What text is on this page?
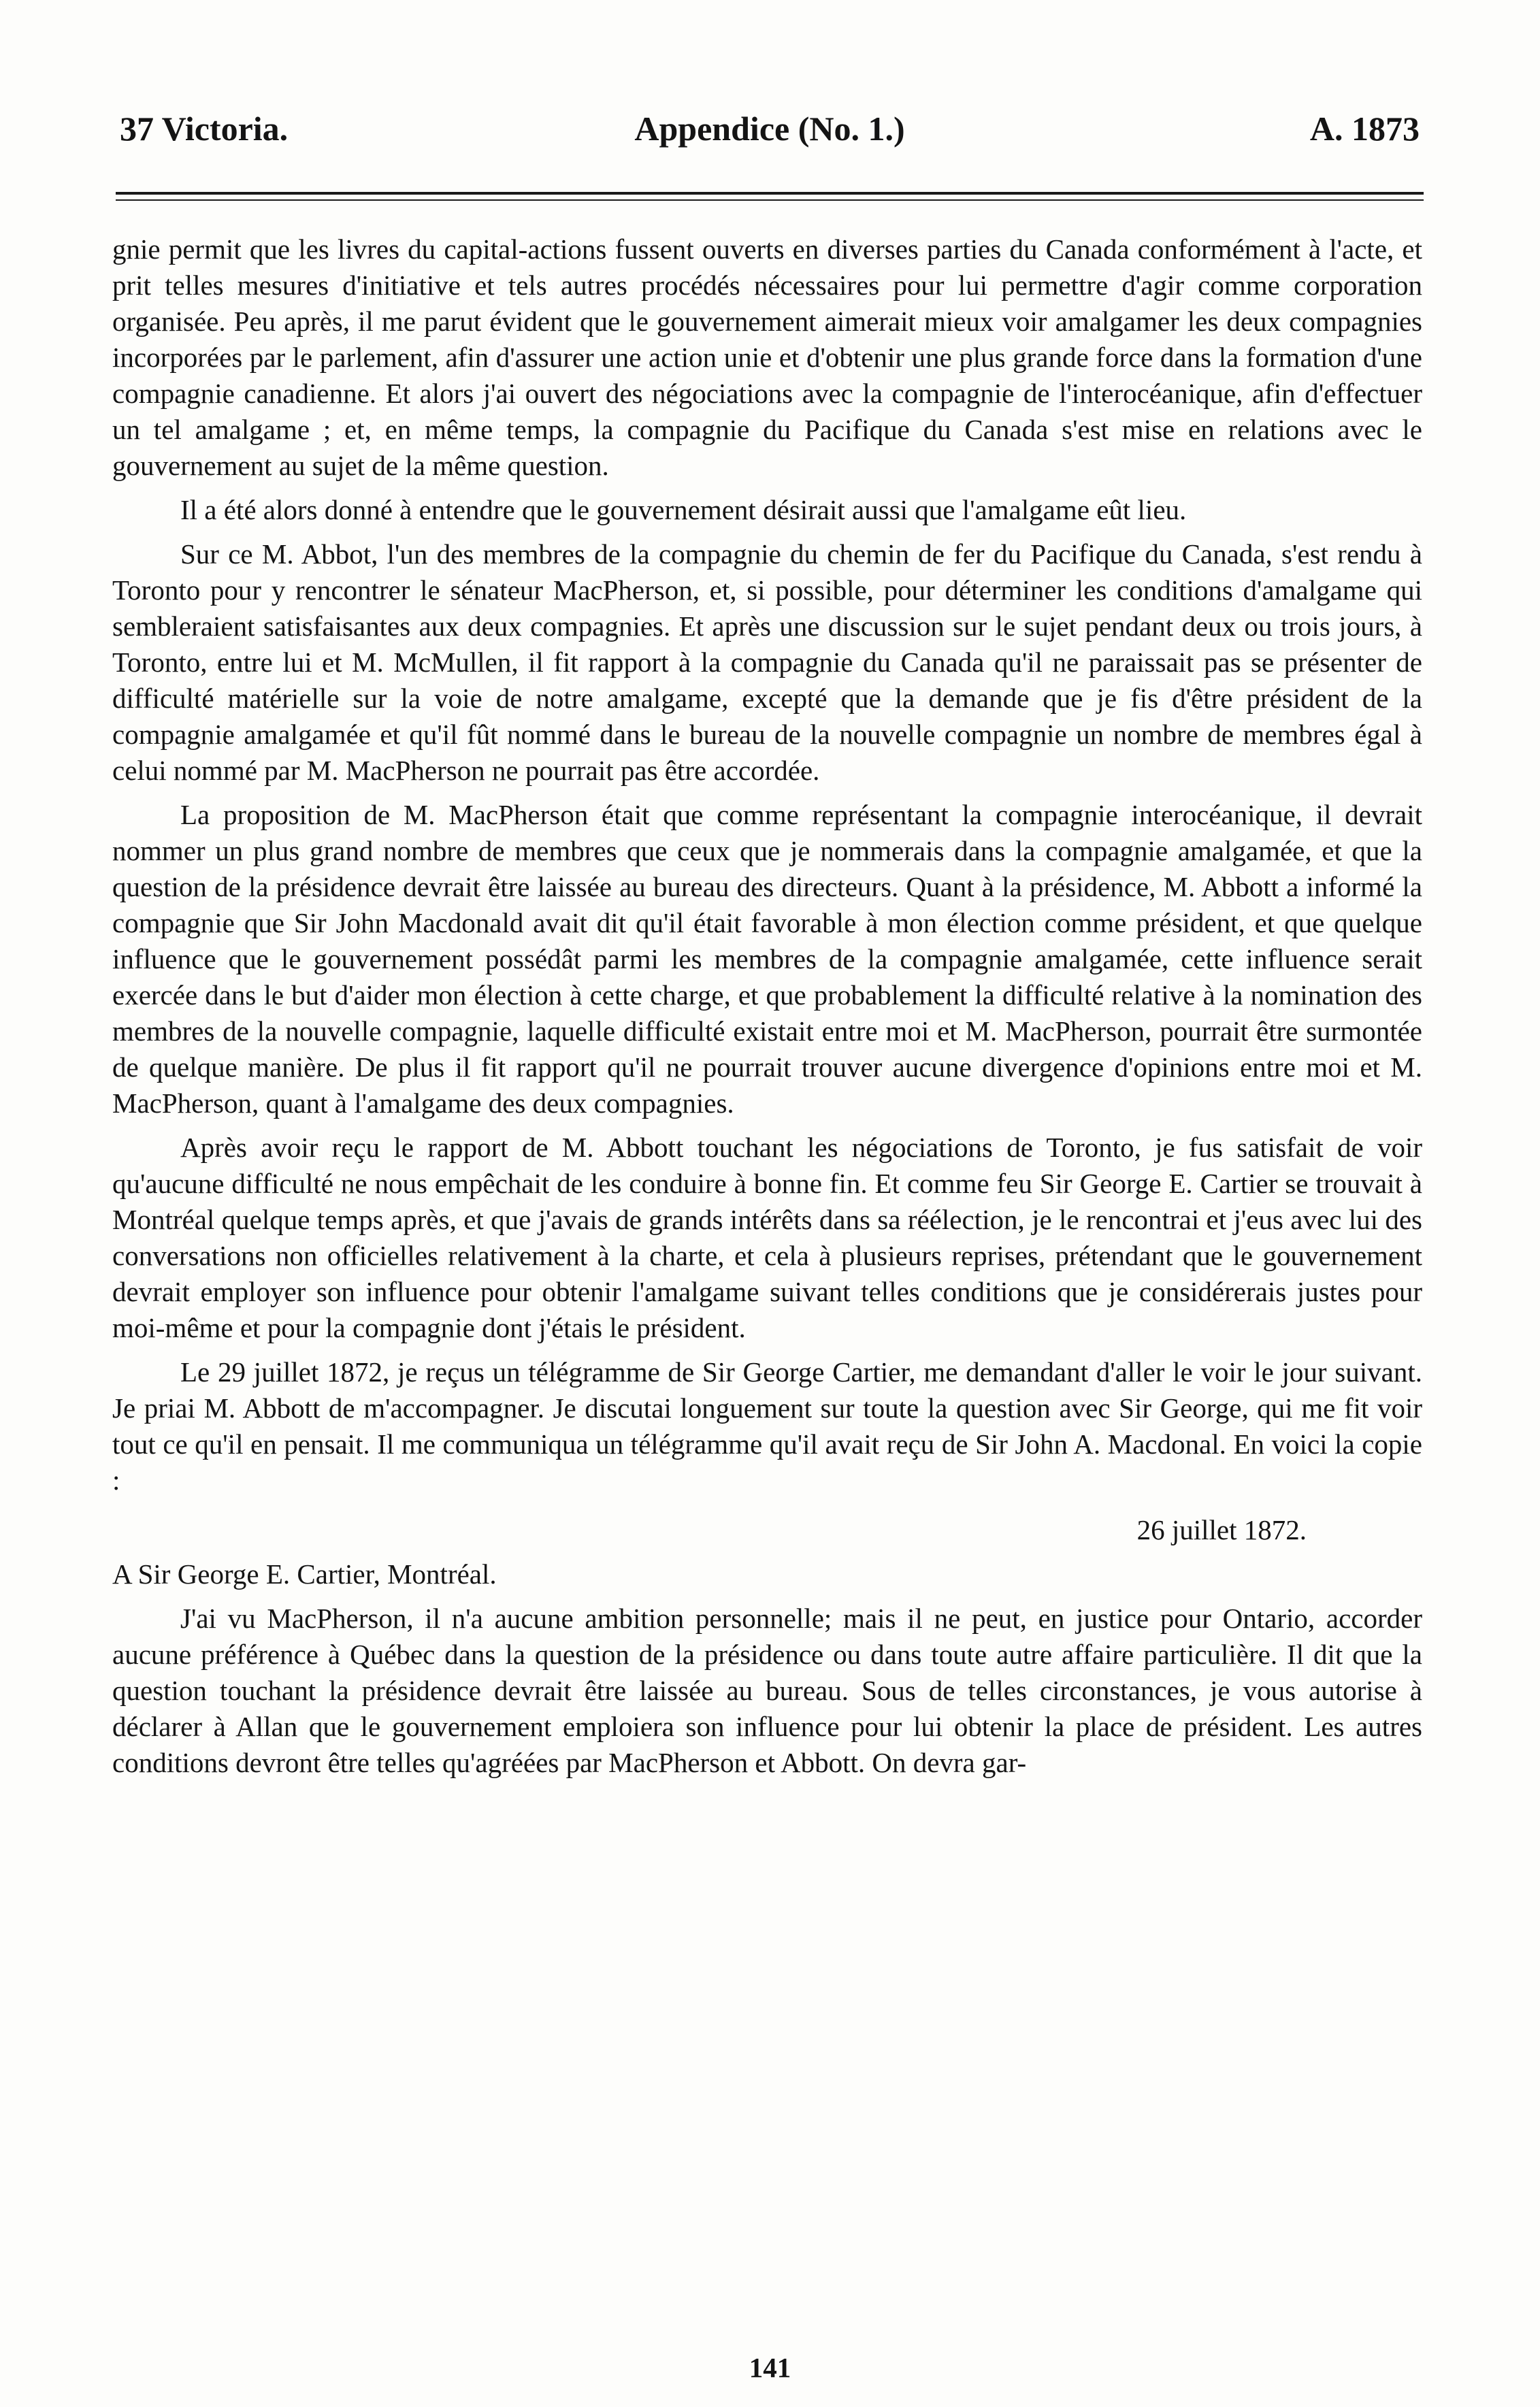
37 Victoria.	Appendice (No. 1.)	A. 1873

gnie permit que les livres du capital-actions fussent ouverts en diverses parties du Canada conformément à l'acte, et prit telles mesures d'initiative et tels autres procédés nécessaires pour lui permettre d'agir comme corporation organisée. Peu après, il me parut évident que le gouvernement aimerait mieux voir amalgamer les deux compagnies incorporées par le parlement, afin d'assurer une action unie et d'obtenir une plus grande force dans la formation d'une compagnie canadienne. Et alors j'ai ouvert des négociations avec la compagnie de l'interocéanique, afin d'effectuer un tel amalgame ; et, en même temps, la compagnie du Pacifique du Canada s'est mise en relations avec le gouvernement au sujet de la même question.

Il a été alors donné à entendre que le gouvernement désirait aussi que l'amalgame eût lieu.

Sur ce M. Abbot, l'un des membres de la compagnie du chemin de fer du Pacifique du Canada, s'est rendu à Toronto pour y rencontrer le sénateur MacPherson, et, si possible, pour déterminer les conditions d'amalgame qui sembleraient satisfaisantes aux deux compagnies. Et après une discussion sur le sujet pendant deux ou trois jours, à Toronto, entre lui et M. McMullen, il fit rapport à la compagnie du Canada qu'il ne paraissait pas se présenter de difficulté matérielle sur la voie de notre amalgame, excepté que la demande que je fis d'être président de la compagnie amalgamée et qu'il fût nommé dans le bureau de la nouvelle compagnie un nombre de membres égal à celui nommé par M. MacPherson ne pourrait pas être accordée.

La proposition de M. MacPherson était que comme représentant la compagnie interocéanique, il devrait nommer un plus grand nombre de membres que ceux que je nommerais dans la compagnie amalgamée, et que la question de la présidence devrait être laissée au bureau des directeurs. Quant à la présidence, M. Abbott a informé la compagnie que Sir John Macdonald avait dit qu'il était favorable à mon élection comme président, et que quelque influence que le gouvernement possédât parmi les membres de la compagnie amalgamée, cette influence serait exercée dans le but d'aider mon élection à cette charge, et que probablement la difficulté relative à la nomination des membres de la nouvelle compagnie, laquelle difficulté existait entre moi et M. MacPherson, pourrait être surmontée de quelque manière. De plus il fit rapport qu'il ne pourrait trouver aucune divergence d'opinions entre moi et M. MacPherson, quant à l'amalgame des deux compagnies.

Après avoir reçu le rapport de M. Abbott touchant les négociations de Toronto, je fus satisfait de voir qu'aucune difficulté ne nous empêchait de les conduire à bonne fin. Et comme feu Sir George E. Cartier se trouvait à Montréal quelque temps après, et que j'avais de grands intérêts dans sa réélection, je le rencontrai et j'eus avec lui des conversations non officielles relativement à la charte, et cela à plusieurs reprises, prétendant que le gouvernement devrait employer son influence pour obtenir l'amalgame suivant telles conditions que je considérerais justes pour moi-même et pour la compagnie dont j'étais le président.

Le 29 juillet 1872, je reçus un télégramme de Sir George Cartier, me demandant d'aller le voir le jour suivant. Je priai M. Abbott de m'accompagner. Je discutai longuement sur toute la question avec Sir George, qui me fit voir tout ce qu'il en pensait. Il me communiqua un télégramme qu'il avait reçu de Sir John A. Macdonal. En voici la copie :

26 juillet 1872.

A Sir George E. Cartier, Montréal.

J'ai vu MacPherson, il n'a aucune ambition personnelle; mais il ne peut, en justice pour Ontario, accorder aucune préférence à Québec dans la question de la présidence ou dans toute autre affaire particulière. Il dit que la question touchant la présidence devrait être laissée au bureau. Sous de telles circonstances, je vous autorise à déclarer à Allan que le gouvernement emploiera son influence pour lui obtenir la place de président. Les autres conditions devront être telles qu'agréées par MacPherson et Abbott. On devra gar-

141
